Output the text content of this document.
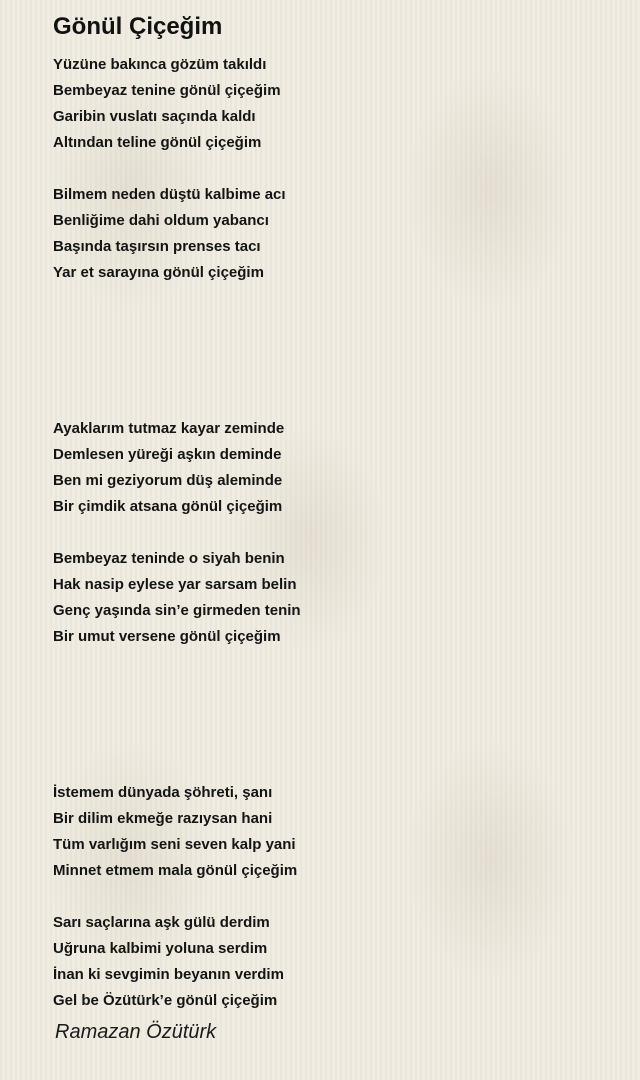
Gönül Çiçeğim
Yüzüne bakınca gözüm takıldı
Bembeyaz tenine gönül çiçeğim
Garibin vuslatı saçında kaldı
Altından teline gönül çiçeğim
Bilmem neden düştü kalbime acı
Benliğime dahi oldum yabancı
Başında taşırsın prenses tacı
Yar et sarayına gönül çiçeğim
Ayaklarım tutmaz kayar zeminde
Demlesen yüreği aşkın deminde
Ben mi geziyorum düş aleminde
Bir çimdik atsana gönül çiçeğim
Bembeyaz teninde o siyah benin
Hak nasip eylese yar sarsam belin
Genç yaşında sin’e girmeden tenin
Bir umut versene gönül çiçeğim
İstemem dünyada şöhreti, şanı
Bir dilim ekmeğe razıysan hani
Tüm varlığım seni seven kalp yani
Minnet etmem mala gönül çiçeğim
Sarı saçlarına aşk gülü derdim
Uğruna kalbimi yoluna serdim
İnan ki sevgimin beyanın verdim
Gel be Özütürk’e gönül çiçeğim

Ramazan Özütürk
